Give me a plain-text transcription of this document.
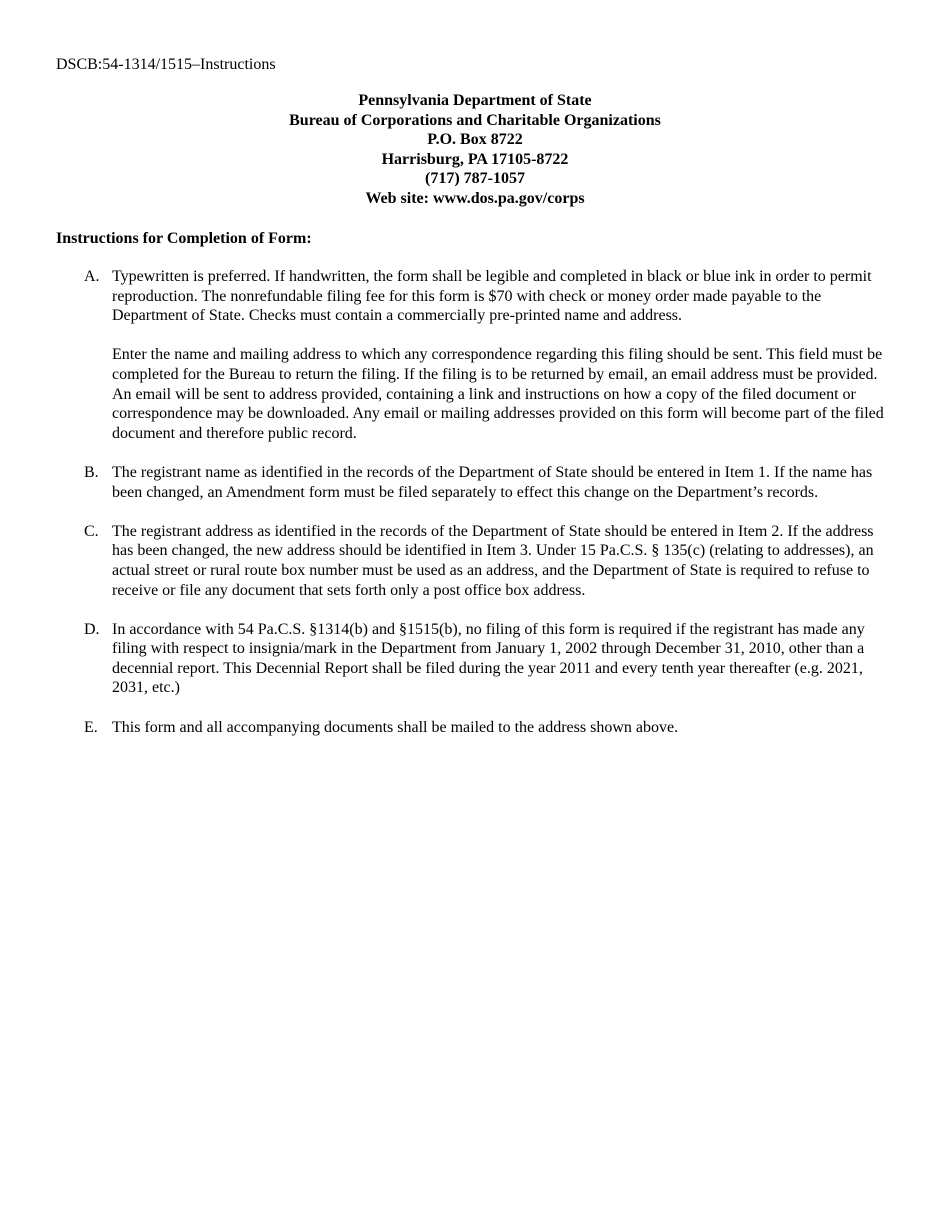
DSCB:54-1314/1515–Instructions
Pennsylvania Department of State
Bureau of Corporations and Charitable Organizations
P.O. Box 8722
Harrisburg, PA 17105-8722
(717) 787-1057
Web site: www.dos.pa.gov/corps
Instructions for Completion of Form:
A. Typewritten is preferred. If handwritten, the form shall be legible and completed in black or blue ink in order to permit reproduction. The nonrefundable filing fee for this form is $70 with check or money order made payable to the Department of State. Checks must contain a commercially pre-printed name and address.

Enter the name and mailing address to which any correspondence regarding this filing should be sent. This field must be completed for the Bureau to return the filing. If the filing is to be returned by email, an email address must be provided. An email will be sent to address provided, containing a link and instructions on how a copy of the filed document or correspondence may be downloaded. Any email or mailing addresses provided on this form will become part of the filed document and therefore public record.

B. The registrant name as identified in the records of the Department of State should be entered in Item 1. If the name has been changed, an Amendment form must be filed separately to effect this change on the Department’s records.

C. The registrant address as identified in the records of the Department of State should be entered in Item 2. If the address has been changed, the new address should be identified in Item 3. Under 15 Pa.C.S. § 135(c) (relating to addresses), an actual street or rural route box number must be used as an address, and the Department of State is required to refuse to receive or file any document that sets forth only a post office box address.

D. In accordance with 54 Pa.C.S. §1314(b) and §1515(b), no filing of this form is required if the registrant has made any filing with respect to insignia/mark in the Department from January 1, 2002 through December 31, 2010, other than a decennial report. This Decennial Report shall be filed during the year 2011 and every tenth year thereafter (e.g. 2021, 2031, etc.)

E. This form and all accompanying documents shall be mailed to the address shown above.
